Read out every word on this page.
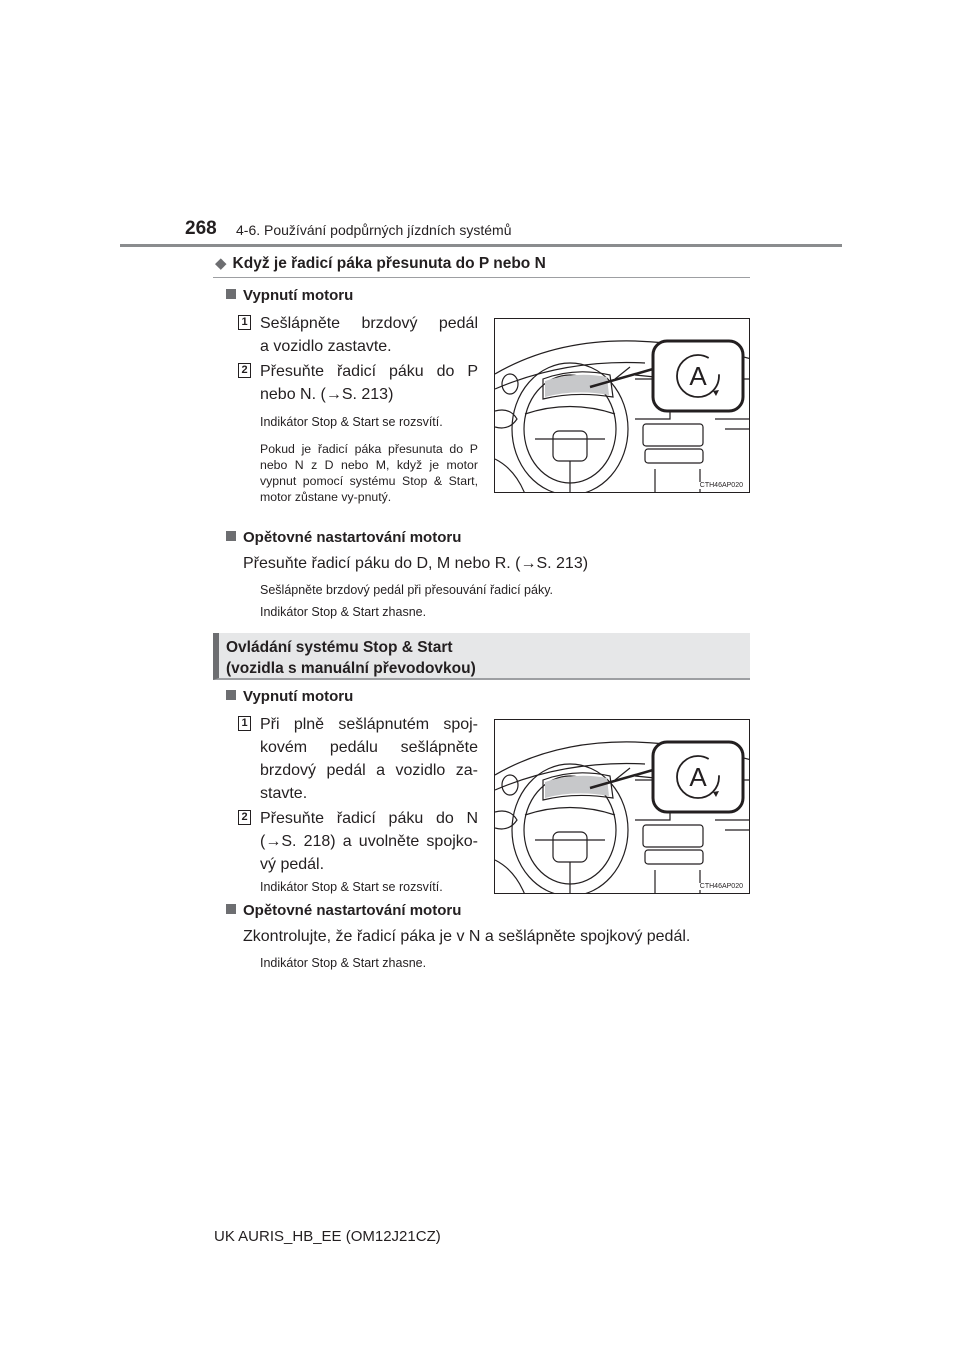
268 4-6. Používání podpůrných jízdních systémů
◆ Když je řadicí páka přesunuta do P nebo N
Vypnutí motoru
1 Sešlápněte brzdový pedál
a vozidlo zastavte.
2 Přesuňte řadicí páku do P
nebo N. (→S. 213)
Indikátor Stop & Start se rozsvítí.
Pokud je řadicí páka přesunuta do P nebo N z D nebo M, když je motor vypnut pomocí systému Stop & Start, motor zůstane vy-pnutý.
A
CTH46AP020
Opětovné nastartování motoru
Přesuňte řadicí páku do D, M nebo R. (→S. 213)
Sešlápněte brzdový pedál při přesouvání řadicí páky.
Indikátor Stop & Start zhasne.
Ovládání systému Stop & Start
(vozidla s manuální převodovkou)
Vypnutí motoru
1 Při plně sešlápnutém spoj-
kovém pedálu sešlápněte
brzdový pedál a vozidlo za-
stavte.
2 Přesuňte řadicí páku do N
(→S. 218) a uvolněte spojko-
vý pedál.
Indikátor Stop & Start se rozsvítí.
A
CTH46AP020
Opětovné nastartování motoru
Zkontrolujte, že řadicí páka je v N a sešlápněte spojkový pedál.
Indikátor Stop & Start zhasne.
UK AURIS_HB_EE (OM12J21CZ)
